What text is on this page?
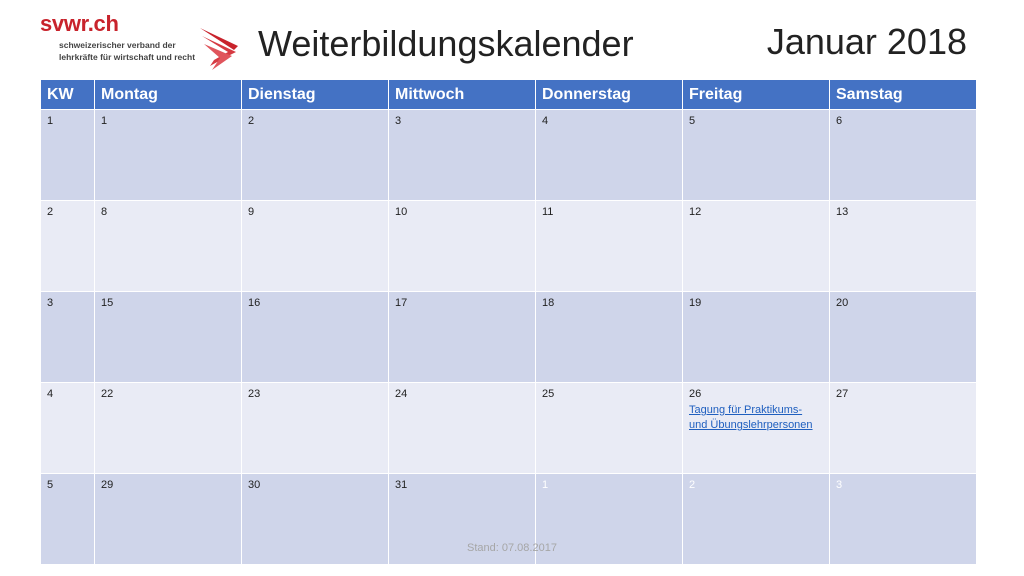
svwr.ch
schweizerischer verband der
lehrkräfte für wirtschaft und recht Weiterbildungskalender	Januar 2018
KW	Montag	Dienstag	Mittwoch	Donnerstag	Freitag	Samstag

1	1	2	3	4	5	6

2	8	9	10	11	12	13

3	15	16	17	18	19	20

4	22	23	24	25	26
Tagung für Praktikums-
und Übungslehrpersonen	27

5	29	30	31	1	2	3
Stand: 07.08.2017
